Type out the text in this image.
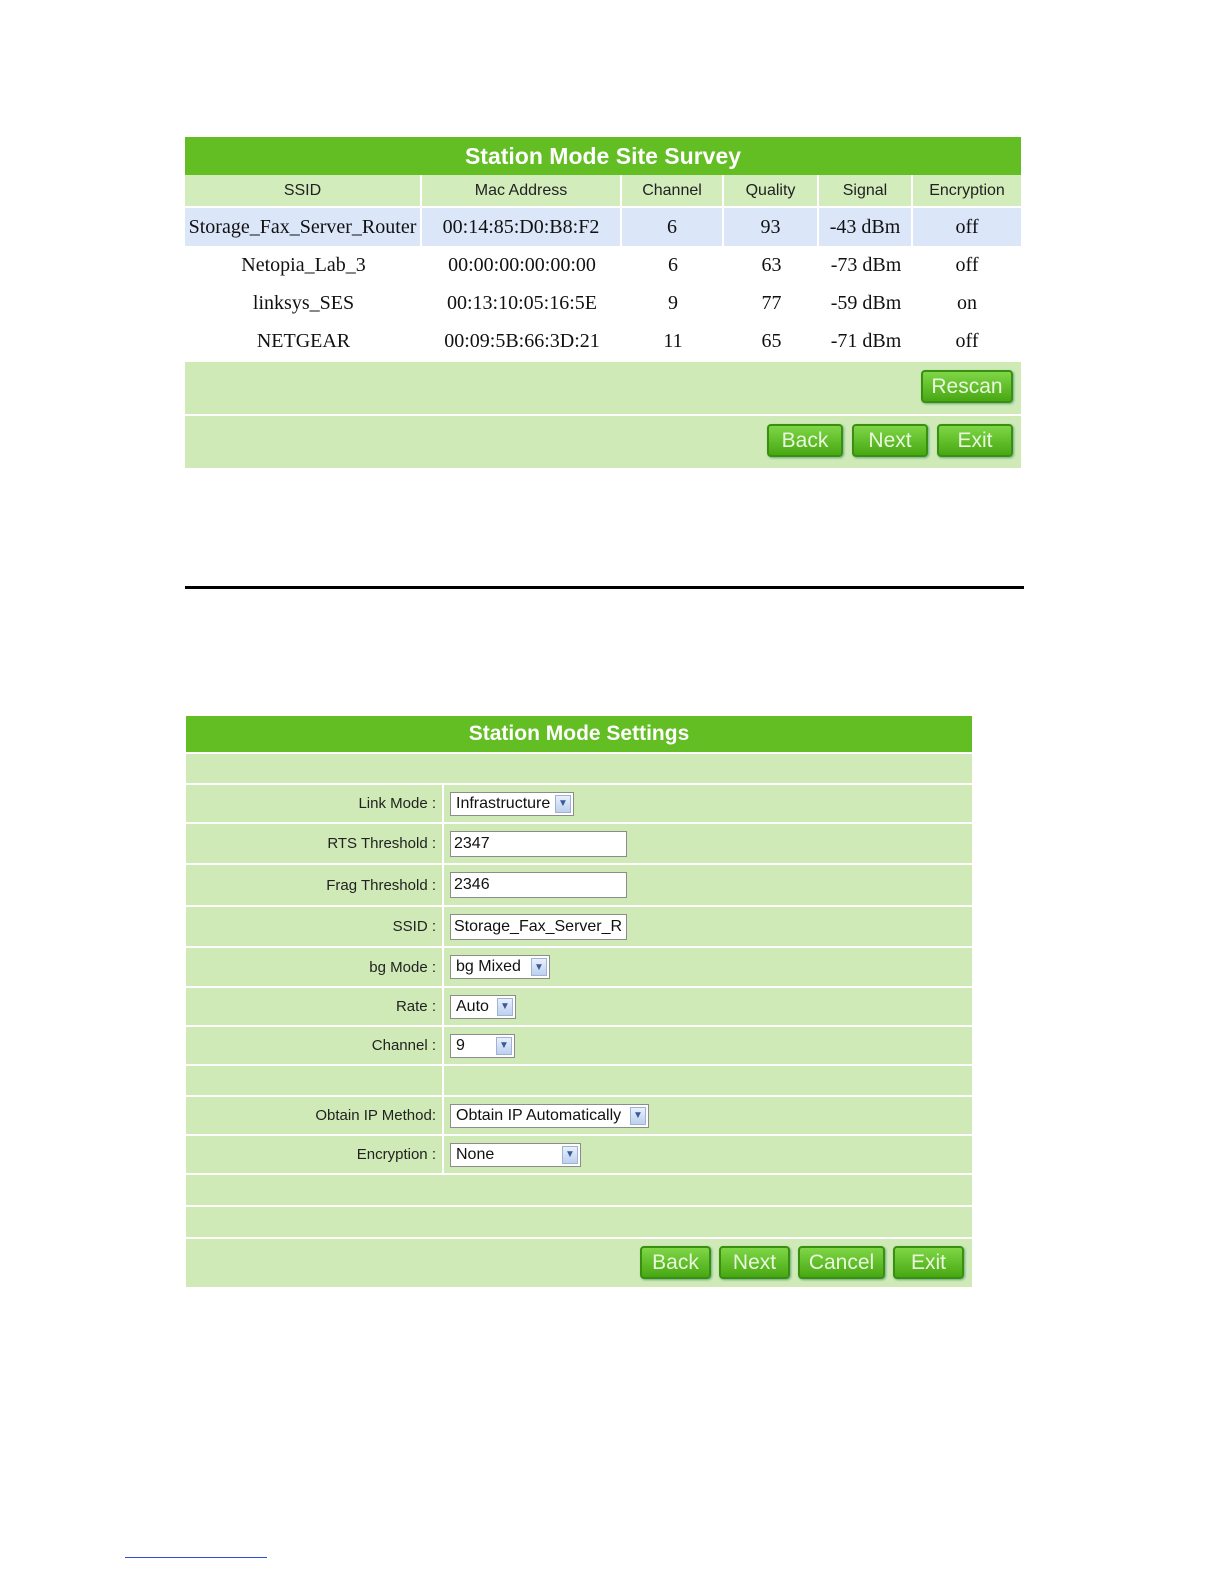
Station Mode Site Survey
SSID	Mac Address	Channel	Quality	Signal	Encryption
Storage_Fax_Server_Router	00:14:85:D0:B8:F2	6	93	-43 dBm	off
Netopia_Lab_3	00:00:00:00:00:00	6	63	-73 dBm	off
linksys_SES	00:13:10:05:16:5E	9	77	-59 dBm	on
NETGEAR	00:09:5B:66:3D:21	11	65	-71 dBm	off
Rescan
Back	Next	Exit
Station Mode Settings
Link Mode :	Infrastructure ▼
RTS Threshold :	2347
Frag Threshold :	2346
SSID :	Storage_Fax_Server_R
bg Mode :	bg Mixed	▼
Rate :	Auto	▼
Channel :	9	▼
Obtain IP Method:	Obtain IP Automatically	▼
Encryption :	None	▼
Back	Next	Cancel	Exit
